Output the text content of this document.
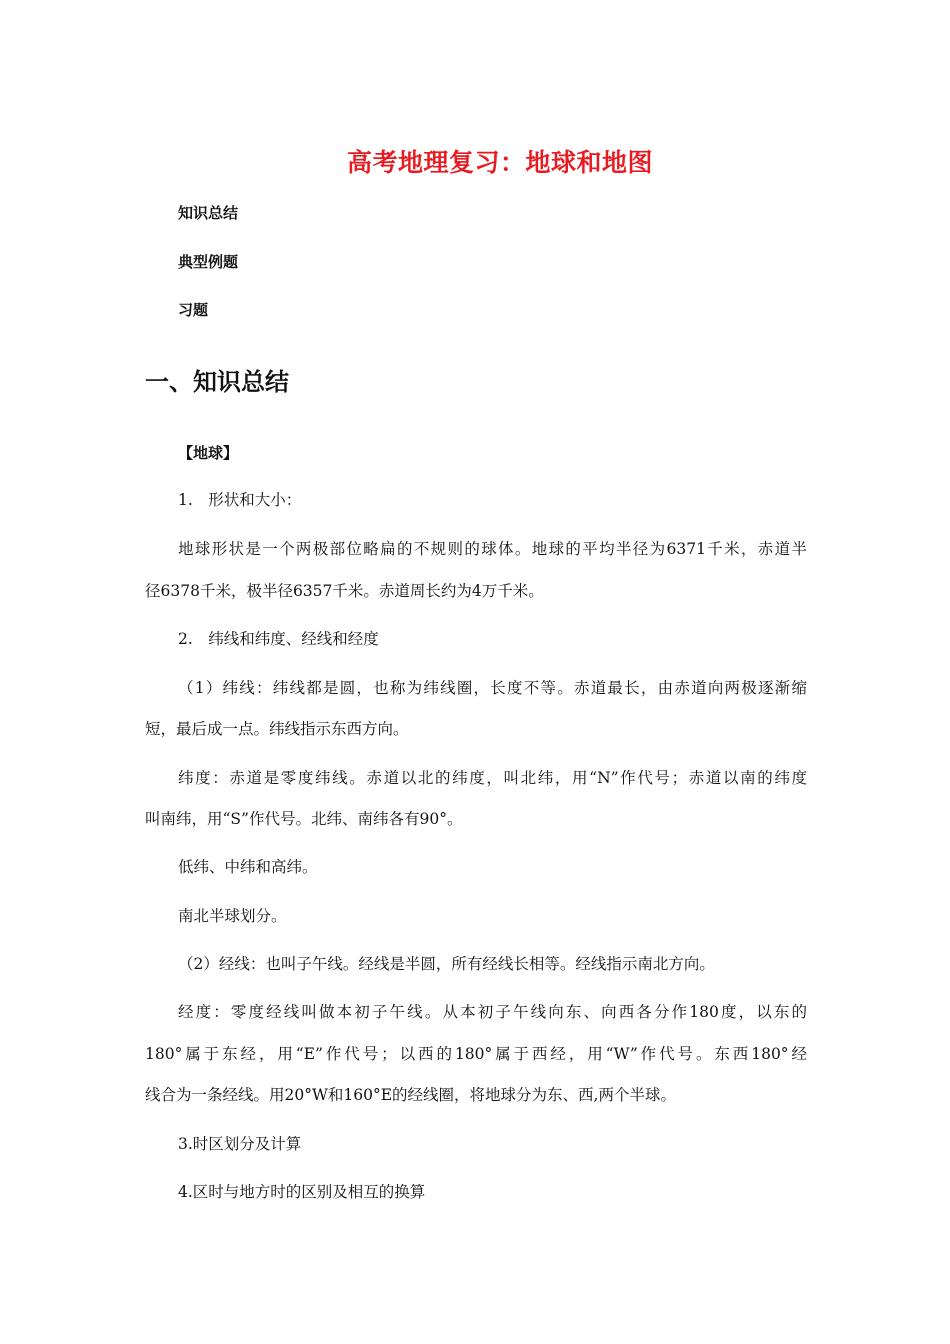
高考地理复习：地球和地图
知识总结
典型例题
习题
一、知识总结
【地球】
1.　形状和大小：
地球形状是一个两极部位略扁的不规则的球体。地球的平均半径为6371千米，赤道半
径6378千米，极半径6357千米。赤道周长约为4万千米。
2.　纬线和纬度、经线和经度
（1）纬线：纬线都是圆，也称为纬线圈，长度不等。赤道最长，由赤道向两极逐渐缩
短，最后成一点。纬线指示东西方向。
纬度：赤道是零度纬线。赤道以北的纬度，叫北纬，用“N”作代号；赤道以南的纬度
叫南纬，用“S”作代号。北纬、南纬各有90°。
低纬、中纬和高纬。
南北半球划分。
（2）经线：也叫子午线。经线是半圆，所有经线长相等。经线指示南北方向。
经度：零度经线叫做本初子午线。从本初子午线向东、向西各分作180度，以东的
180°属于东经，用“E”作代号；以西的180°属于西经，用“W”作代号。东西180°经
线合为一条经线。用20°W和160°E的经线圈，将地球分为东、西,两个半球。
3.时区划分及计算
4.区时与地方时的区别及相互的换算
